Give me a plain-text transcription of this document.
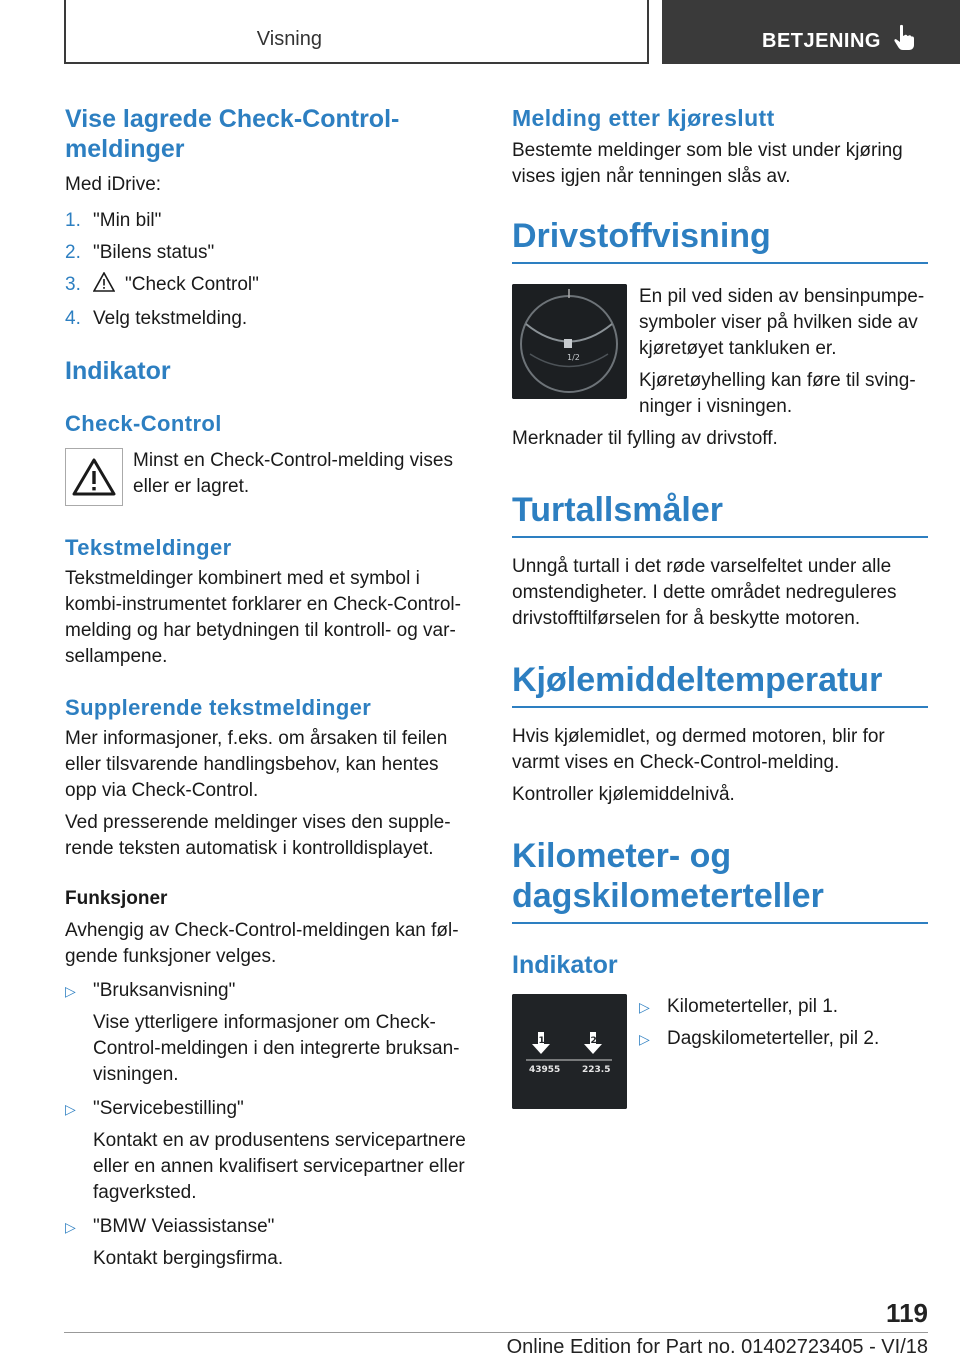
Visning	BETJENING
Vise lagrede Check-Control-
meldinger

Med iDrive:

1. "Min bil"
2. "Bilens status"
3.	"Check Control"
4. Velg tekstmelding.
Indikator
Check-Control

Minst en Check-Control-melding vises eller er lagret.

Tekstmeldinger

Tekstmeldinger kombinert med et symbol i kombi-instrumentet forklarer en Check-Control-melding og har betydningen til kontroll- og varsellampene.

Supplerende tekstmeldinger

Mer informasjoner, f.eks. om årsaken til feilen eller tilsvarende handlingsbehov, kan hentes opp via Check-Control.

Ved presserende meldinger vises den supplerende teksten automatisk i kontrolldisplayet.

Funksjoner

Avhengig av Check-Control-meldingen kan følgende funksjoner velges.

▷ "Bruksanvisning"
Vise ytterligere informasjoner om Check-Control-meldingen i den integrerte bruksanvisningen.
▷ "Servicebestilling"
Kontakt en av produsentens servicepartnere eller en annen kvalifisert servicepartner eller fagverksted.
▷ "BMW Veiassistanse"
Kontakt bergingsfirma.
Melding etter kjøreslutt

Bestemte meldinger som ble vist under kjøring vises igjen når tenningen slås av.

Drivstoffvisning
1/2

En pil ved siden av bensinpumpesymboler viser på hvilken side av kjøretøyet tankluken er.

Kjøretøyhelling kan føre til svingninger i visningen.

Merknader til fylling av drivstoff.

Turtallsmåler

Unngå turtall i det røde varselfeltet under alle omstendigheter. I dette området nedreguleres drivstofftilførselen for å beskytte motoren.

Kjølemiddeltemperatur

Hvis kjølemidlet, og dermed motoren, blir for varmt vises en Check-Control-melding.

Kontroller kjølemiddelnivå.

Kilometer- og
dagskilometerteller
Indikator
1	2
43955 223.5
▷ Kilometerteller, pil 1.
▷ Dagskilometerteller, pil 2.
119
Online Edition for Part no. 01402723405 - VI/18
